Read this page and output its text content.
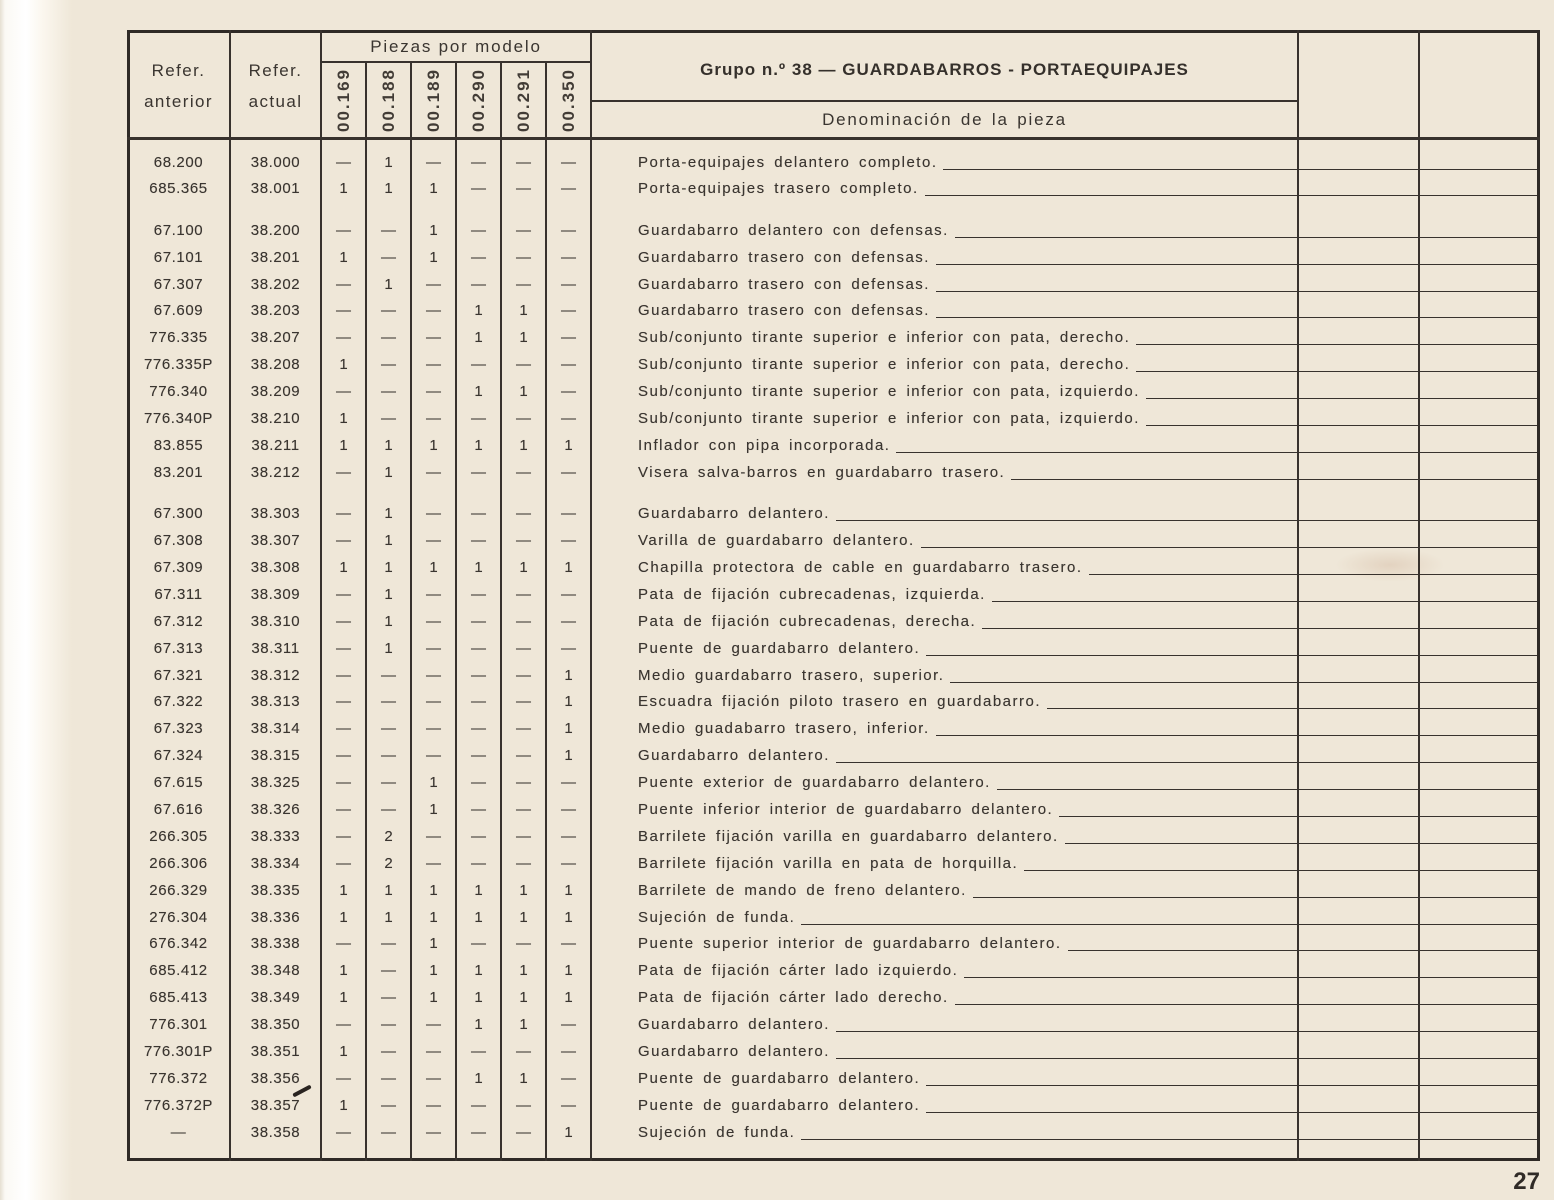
Refer.
anterior
Refer.
actual
Piezas por modelo
00.169 00.188 00.189 00.290 00.291 00.350	Grupo n.º 38 — GUARDABARROS - PORTAEQUIPAJES
Denominación de la pieza
68.200	38.000	—	1	—	—	—	—	Porta-equipajes delantero completo.
685.365	38.001	1	1	1	—	—	—	Porta-equipajes trasero completo.
67.100	38.200	—	—	1	—	—	—	Guardabarro delantero con defensas.
67.101	38.201	1	—	1	—	—	—	Guardabarro trasero con defensas.
67.307	38.202	—	1	—	—	—	—	Guardabarro trasero con defensas.
67.609	38.203	—	—	—	1	1	—	Guardabarro trasero con defensas.
776.335	38.207	—	—	—	1	1	—	Sub/conjunto tirante superior e inferior con pata, derecho.
776.335P	38.208	1	—	—	—	—	—	Sub/conjunto tirante superior e inferior con pata, derecho.
776.340	38.209	—	—	—	1	1	—	Sub/conjunto tirante superior e inferior con pata, izquierdo.
776.340P	38.210	1	—	—	—	—	—	Sub/conjunto tirante superior e inferior con pata, izquierdo.
83.855	38.211	1	1	1	1	1	1	Inflador con pipa incorporada.
83.201	38.212	—	1	—	—	—	—	Visera salva-barros en guardabarro trasero.
67.300	38.303	—	1	—	—	—	—	Guardabarro delantero.
67.308	38.307	—	1	—	—	—	—	Varilla de guardabarro delantero.
67.309	38.308	1	1	1	1	1	1	Chapilla protectora de cable en guardabarro trasero.
67.311	38.309	—	1	—	—	—	—	Pata de fijación cubrecadenas, izquierda.
67.312	38.310	—	1	—	—	—	—	Pata de fijación cubrecadenas, derecha.
67.313	38.311	—	1	—	—	—	—	Puente de guardabarro delantero.
67.321	38.312	—	—	—	—	—	1	Medio guardabarro trasero, superior.
67.322	38.313	—	—	—	—	—	1	Escuadra fijación piloto trasero en guardabarro.
67.323	38.314	—	—	—	—	—	1	Medio guadabarro trasero, inferior.
67.324	38.315	—	—	—	—	—	1	Guardabarro delantero.
67.615	38.325	—	—	1	—	—	—	Puente exterior de guardabarro delantero.
67.616	38.326	—	—	1	—	—	—	Puente inferior interior de guardabarro delantero.
266.305	38.333	—	2	—	—	—	—	Barrilete fijación varilla en guardabarro delantero.
266.306	38.334	—	2	—	—	—	—	Barrilete fijación varilla en pata de horquilla.
266.329	38.335	1	1	1	1	1	1	Barrilete de mando de freno delantero.
276.304	38.336	1	1	1	1	1	1	Sujeción de funda.
676.342	38.338	—	—	1	—	—	—	Puente superior interior de guardabarro delantero.
685.412	38.348	1	—	1	1	1	1	Pata de fijación cárter lado izquierdo.
685.413	38.349	1	—	1	1	1	1	Pata de fijación cárter lado derecho.
776.301	38.350	—	—	—	1	1	—	Guardabarro delantero.
776.301P	38.351	1	—	—	—	—	—	Guardabarro delantero.
776.372	38.356	—	—	—	1	1	—	Puente de guardabarro delantero.
776.372P	38.357	1	—	—	—	—	—	Puente de guardabarro delantero.
—	38.358	—	—	—	—	—	1	Sujeción de funda.
27
